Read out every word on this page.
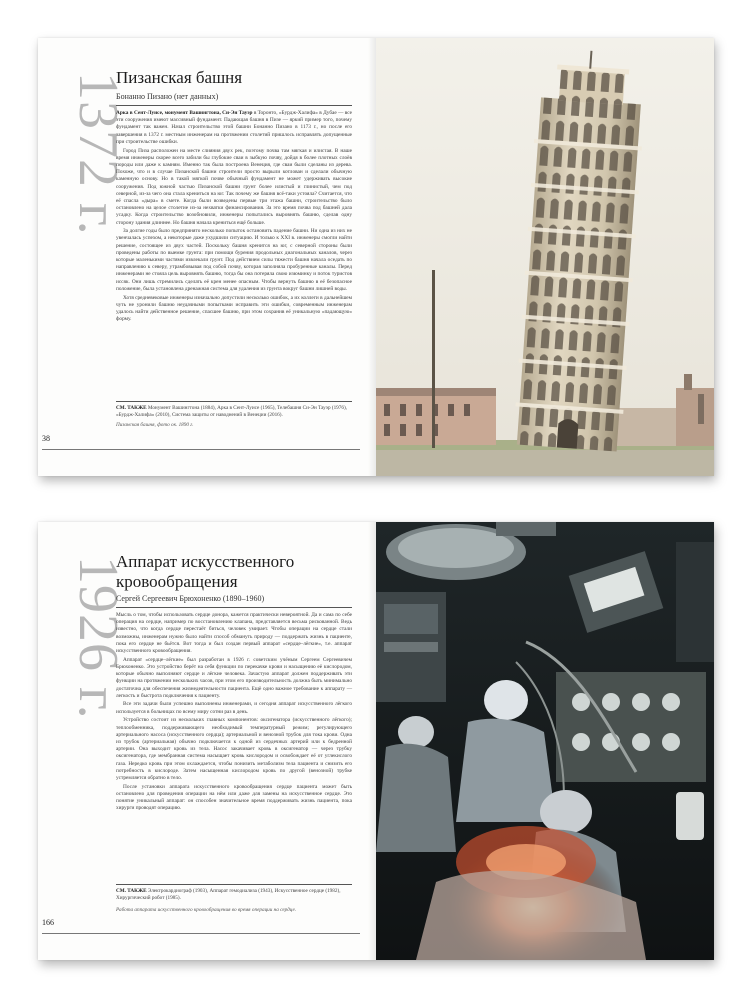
1372 г.
Пизанская башня
Бонанно Пизано (нет данных)

Арка в Сент-Луисе, монумент Вашингтона, Си-Эн Тауэр в Торонто, «Бурдж-Халифа» в Дубае — все эти сооружения имеют массивный фундамент. Падающая башня в Пизе — яркий пример того, почему фундамент так важен. Начал строительство этой башни Бонанно Пизано в 1173 г., но после его завершения в 1372 г. местным инженерам на протяжении столетий пришлось исправлять допущенные при строительстве ошибки.

Город Пиза расположен на месте слияния двух рек, поэтому почва там мягкая и илистая. В наше время инженеры скорее всего забили бы глубокие сваи в зыбкую почву, дойдя в более плотных слоёв породы или даже к камням. Именно так была построена Венеция, где сваи были сделаны из дерева. Похоже, что и в случае Пизанской башни строители просто вырыли котлован и сделали обычную каменную основу. Но в такой мягкой почве обычный фундамент не может удерживать высокие сооружения. Под южной частью Пизанской башни грунт более илистый и глинистый, чем под северной, из-за чего она стала крениться на юг. Так почему же башня всё-таки устояла? Считается, что её спасла «дыра» в смете. Когда были возведены первые три этажа башни, строительство было остановлено на целое столетие из-за нехватки финансирования. За это время почва под башней дала усадку. Когда строительство возобновили, инженеры попытались выровнять башню, сделав одну сторону здания длиннее. Но башня начала крениться ещё больше.

За долгие годы было предпринято несколько попыток остановить падение башни. Ни одна из них не увенчалась успехом, а некоторые даже ухудшили ситуацию. И только к XXI в. инженеры смогли найти решение, состоящее из двух частей. Поскольку башня кренится на юг, с северной стороны были проведены работы по выемке грунта: при помощи бурения продольных диагональных каналов, через которые маленькими частями извлекали грунт. Под действием силы тяжести башня начала оседать по направлению к северу, утрамбовывая под собой почву, которая заполняла пробуренные каналы. Перед инженерами не стояла цель выровнять башню, тогда бы она потеряла свою изюминку и поток туристов иссяк. Они лишь стремились сделать её крен менее опасным. Чтобы вернуть башню в её безопасное положение, была установлена дренажная система для удаления из грунта вокруг башни лишней воды.

Хотя средневековые инженеры изначально допустили несколько ошибок, а их коллеги в дальнейшем чуть не уронили башню неудачными попытками исправить эти ошибки, современным инженерам удалось найти действенное решение, спасшее башню, при этом сохранив её уникальную «падающую» форму.

СМ. ТАКЖЕ Монумент Вашингтона (1884), Арка в Сент-Луисе (1965), Телебашня Си-Эн Тауэр (1976), «Бурдж-Халифа» (2010), Система защиты от наводнений в Венеции (2016).
Пизанская башня, фото ок. 1890 г.
38
1926 г.
Аппарат искусственного кровообращения
Сергей Сергеевич Брюхоненко (1890–1960)

Мысль о том, чтобы использовать сердце донора, кажется практически невероятной. Да и сама по себе операция на сердце, например по восстановлению клапана, представляется весьма рискованной. Ведь известно, что когда сердце перестаёт биться, человек умирает. Чтобы операции на сердце стали возможны, инженерам нужно было найти способ обмануть природу — поддержать жизнь в пациенте, пока его сердце не бьётся. Вот тогда и был создан первый аппарат «сердце–лёгкие», т.е. аппарат искусственного кровообращения.

Аппарат «сердце–лёгкие» был разработан в 1926 г. советским учёным Сергеем Сергеевичем Брюхоненко. Это устройство берёт на себя функции по перекачке крови и насыщению её кислородом, которые обычно выполняют сердце и лёгкие человека. Зачастую аппарат должен поддерживать эти функции на протяжении нескольких часов, при этом его производительность должна быть минимально достаточна для обеспечения жизнедеятельности пациента. Ещё одно важное требование к аппарату — легкость и быстрота подключения к пациенту.

Все эти задачи были успешно выполнены инженерами, и сегодня аппарат искусственного лёгкого используется в больницах по всему миру сотни раз в день.

Устройство состоит из нескольких главных компонентов: оксигенатора (искусственного лёгкого); теплообменника, поддерживающего необходимый температурный режим; регулирующего артериального насоса (искусственного сердца); артериальной и венозной трубок для тока крови. Одна из трубок (артериальная) обычно подключается к одной из сердечных артерий или к бедренной артерии. Она выходит кровь из тела. Насос закачивает кровь в оксигенатор — через трубку оксигенатора, где мембранная система насыщает кровь кислородом и освобождает её от углекислого газа. Нередко кровь при этом охлаждается, чтобы понизить метаболизм тела пациента и снизить его потребность в кислороде. Затем насыщенная кислородом кровь по другой (венозной) трубке устремляется обратно в тело.

После установки аппарата искусственного кровообращения сердце пациента может быть остановлено для проведения операции на нём или даже для замены на искусственное сердце. Это понятие уникальный аппарат: он способен значительное время поддерживать жизнь пациента, пока хирурги проводят операцию.

СМ. ТАКЖЕ Электрокардиограф (1903), Аппарат гемодиализа (1943), Искусственное сердце (1982), Хирургический робот (1985).
Работа аппарата искусственного кровообращения во время операции на сердце.
166
